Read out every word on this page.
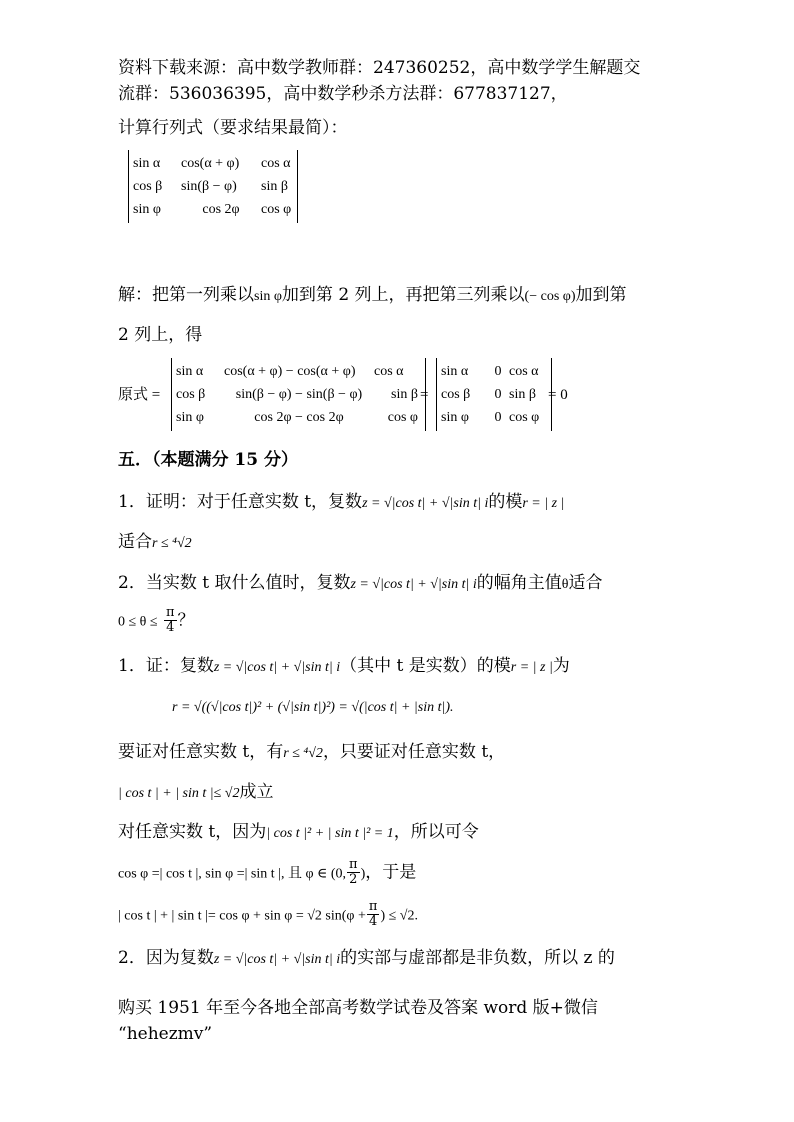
资料下载来源：高中数学教师群：247360252，高中数学学生解题交
流群：536036395，高中数学秒杀方法群：677837127，
计算行列式（要求结果最简）：
sin α	cos(α + φ)	cos α
cos β	sin(β − φ)	sin β
sin φ	cos 2φ	cos φ
解：把第一列乘以sin φ加到第 2 列上，再把第三列乘以(− cos φ)加到第
2 列上，得
原式 =
sin α	cos(α + φ) − cos(α + φ)	cos α
cos β	sin(β − φ) − sin(β − φ)	sin β
sin φ	cos 2φ − cos 2φ	cos φ
=
sin α	0 cos α
cos β	0 sin β
sin φ	0 cos φ
= 0
五．（本题满分 15 分）
1．证明：对于任意实数 t，复数z = √|cos t| + √|sin t| i的模r = | z |
适合r ≤ ⁴√2
2．当实数 t 取什么值时，复数z = √|cos t| + √|sin t| i的幅角主值θ适合
$0 \le \theta \le \frac{\pi}{4}$ ？
1．证：复数z = √|cos t| + √|sin t| i（其中 t 是实数）的模r = | z |为
r = √((√|cos t|)² + (√|sin t|)²) = √(|cos t| + |sin t|).
要证对任意实数 t，有r ≤ ⁴√2，只要证对任意实数 t，
| cos t | + | sin t |≤ √2成立
对任意实数 t，因为| cos t |² + | sin t |² = 1，所以可令
cos φ =| cos t |, sin φ =| sin t |, 且 φ ∈ (0, $\frac{\pi}{2}$ )，于是
| cos t | + | sin t |= cos φ + sin φ = √2 $\sin(\varphi + \frac{\pi}{4}$ ) ≤ √2.
2．因为复数z = √|cos t| + √|sin t| i的实部与虚部都是非负数，所以 z 的
购买 1951 年至今各地全部高考数学试卷及答案 word 版+微信
“hehezmv”
